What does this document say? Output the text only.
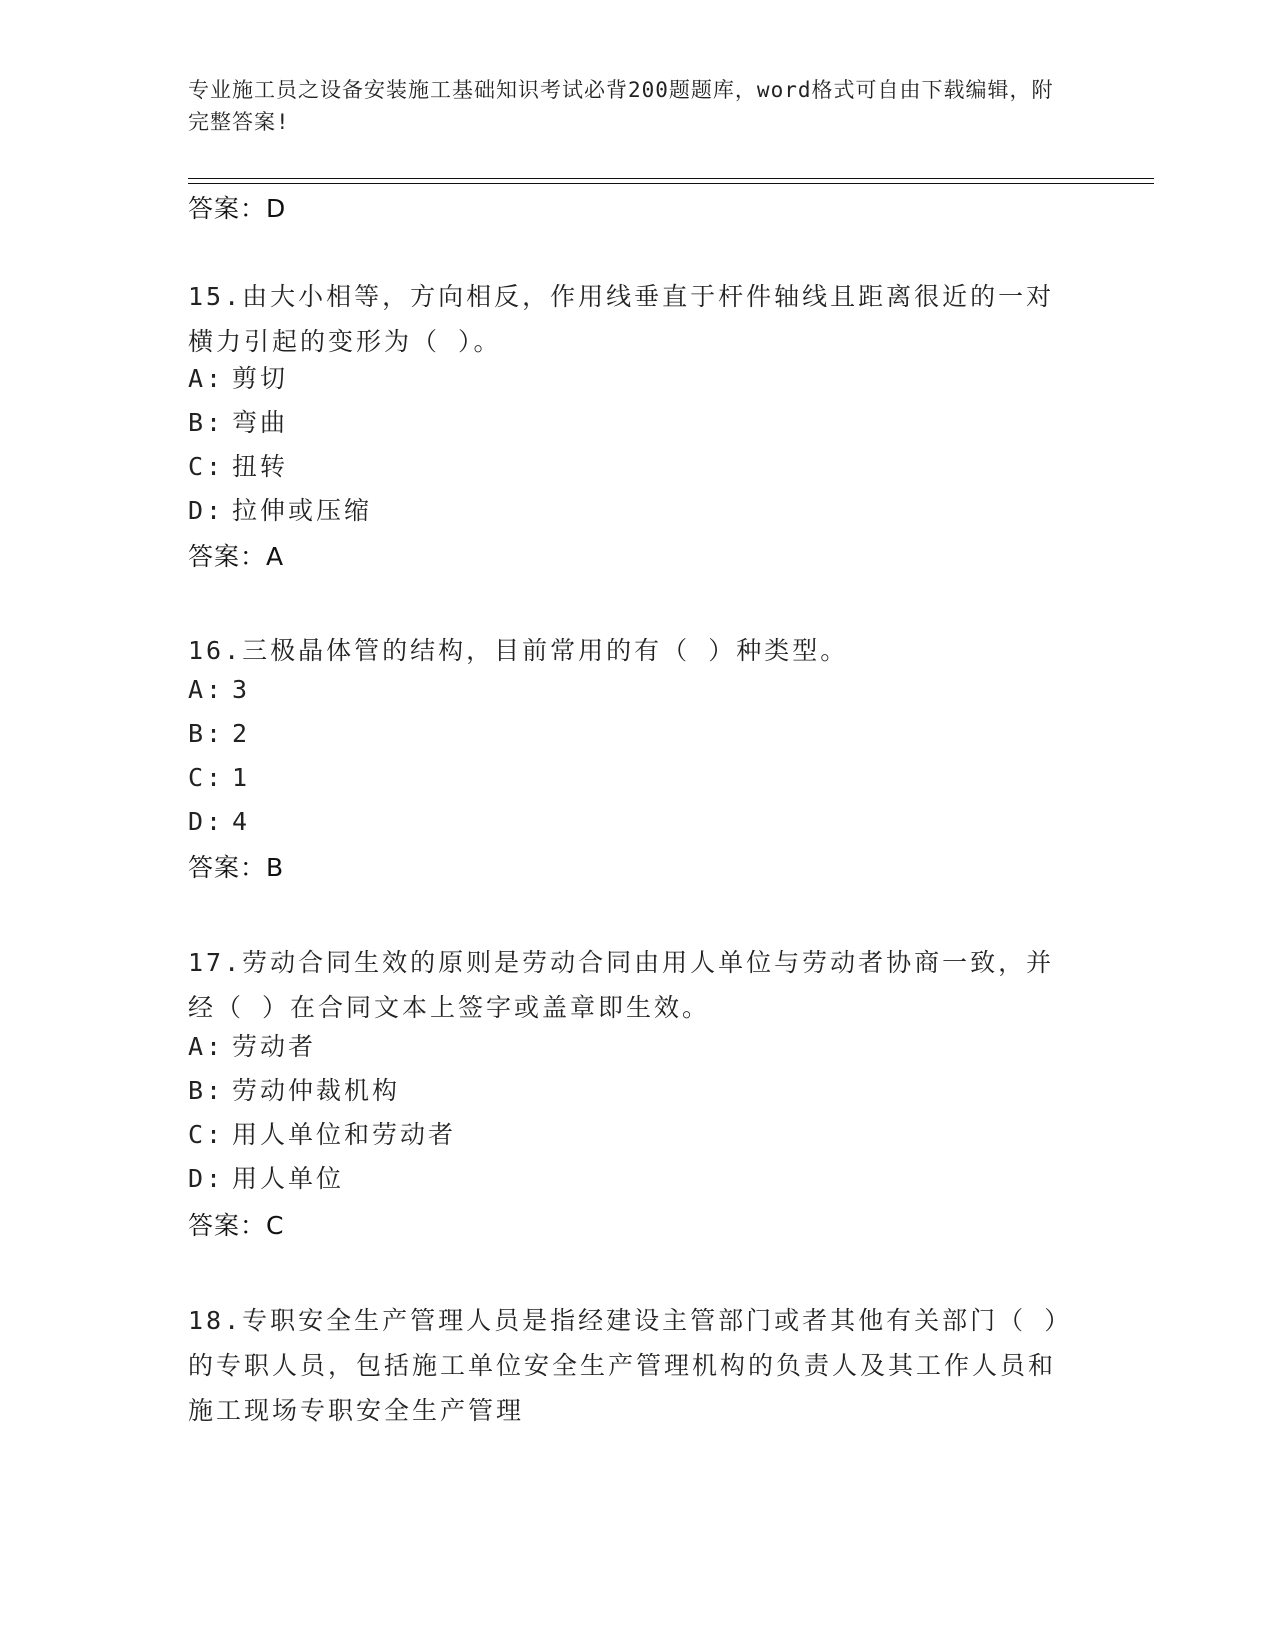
专业施工员之设备安装施工基础知识考试必背200题题库，word格式可自由下载编辑，附完整答案!
答案：D
15.由大小相等，方向相反，作用线垂直于杆件轴线且距离很近的一对横力引起的变形为（ ）。
A: 剪切
B: 弯曲
C: 扭转
D: 拉伸或压缩
答案：A
16.三极晶体管的结构，目前常用的有（ ）种类型。
A: 3
B: 2
C: 1
D: 4
答案：B
17.劳动合同生效的原则是劳动合同由用人单位与劳动者协商一致，并经（ ）在合同文本上签字或盖章即生效。
A: 劳动者
B: 劳动仲裁机构
C: 用人单位和劳动者
D: 用人单位
答案：C
18.专职安全生产管理人员是指经建设主管部门或者其他有关部门（ ）的专职人员，包括施工单位安全生产管理机构的负责人及其工作人员和施工现场专职安全生产管理
